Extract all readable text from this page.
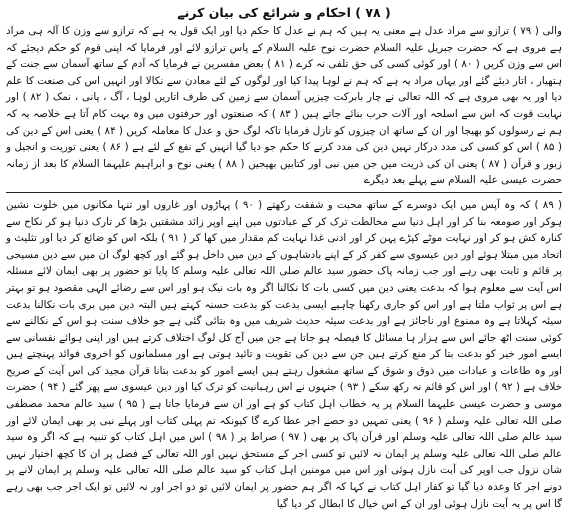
( ۷۸ ) احکام و شرائع کی بیان کرنے

والی ( ۷۹ ) ترازو سے مراد عدل ہے معنی یہ ہیں کہ ہم نے عدل کا حکم دیا اور ایک قول یہ ہے کہ ترازو سے وزن کا آلہ ہی مراد ہے مروی ہے کہ حضرت جبریل علیہ السلام حضرت نوح علیہ السلام کے پاس ترازو لائے اور فرمایا کہ اپنی قوم کو حکم دیجئے کہ اس سے وزن کریں ( ۸۰ ) اور کوئی کسی کی حق تلفی نہ کرے ( ۸۱ ) بعض مفسرین نے فرمایا کہ آدم کے ساتھ آسمان سے جنت کے ہتھیار ، اتار دیئے گئے اور یہاں مراد یہ ہے کہ ہم نے لوہا پیدا کیا اور لوگوں کے لئے معادن سے نکالا اور انہیں اس کی صنعت کا علم دیا اور یہ بھی مروی ہے کہ اللہ تعالی نے چار بابرکت چیزیں آسمان سے زمین کی طرف اتاریں لوہا ، آگ ، پانی ، نمک ( ۸۲ ) اور نہایت قوت کہ اس سے اسلحہ اور آلات حرب بنائے جاتے ہیں ( ۸۳ ) کہ صنعتوں اور حرفتوں میں وہ بہت کام آتا ہے خلاصہ یہ کہ ہم نے رسولوں کو بھیجا اور ان کے ساتھ ان چیزوں کو نازل فرمایا تاکہ لوگ حق و عدل کا معاملہ کریں ( ۸۴ ) یعنی اس کے دین کی ( ۸۵ ) اس کو کسی کی مدد درکار نہیں دین کی مدد کرنے کا حکم جو دیا گیا انہیں کے نفع کے لئے ہے ( ۸۶ ) یعنی توریت و انجیل و زبور و قرآن ( ۸۷ ) یعنی ان کی ذریت میں جن میں نبی اور کتابیں بھیجیں ( ۸۸ ) یعنی نوح و ابراہیم علیہما السلام کا بعد از زمانہ حضرت عیسی علیہ السلام سے پہلے بعد دیگرے

( ۸۹ ) کہ وہ آپس میں ایک دوسرے کے ساتھ محبت و شفقت رکھتے ( ۹۰ ) پہاڑوں اور غاروں اور تنہا مکانوں میں خلوت نشین ہوکر اور صومعہ بنا کر اور اہل دنیا سے مخالطت ترک کر کے عبادتوں میں اپنے اوپر زائد مشقتیں بڑھا کر تارک دنیا ہو کر نکاح سے کنارہ کش ہو کر اور نہایت موٹے کپڑے پہن کر اور ادنی غذا نہایت کم مقدار میں کھا کر ( ۹۱ ) بلکہ اس کو ضائع کر دیا اور تثلیث و اتحاد میں مبتلا ہوئے اور دین عیسوی سے کفر کر کے اپنے بادشاہوں کے دین میں داخل ہو گئے اور کچھ لوگ ان میں سے دین مسیحی پر قائم و ثابت بھی رہے اور جب زمانہ پاک حضور سید عالم صلی اللہ تعالی علیہ وسلم کا پایا تو حضور پر بھی ایمان لائے مسئلہ اس آیت سے معلوم ہوا کہ بدعت یعنی دین میں کسی بات کا نکالنا اگر وہ بات نیک ہو اور اس سے رضائے الہی مقصود ہو تو بہتر ہے اس پر ثواب ملتا ہے اور اس کو جاری رکھنا چاہیے ایسی بدعت کو بدعت حسنہ کہتے ہیں البتہ دین میں بری بات نکالنا بدعت سیئہ کہلاتا ہے وہ ممنوع اور ناجائز ہے اور بدعت سیئہ حدیث شریف میں وہ بتائی گئی ہے جو خلاف سنت ہو اس کے نکالنے سے کوئی سنت اٹھ جائے اس سے ہزار ہا مسائل کا فیصلہ ہو جاتا ہے جن میں آج کل لوگ اختلاف کرتے ہیں اور اپنی ہوائے نفسانی سے ایسے امور خیر کو بدعت بتا کر منع کرتے ہیں جن سے دین کی تقویت و تائید ہوتی ہے اور مسلمانوں کو اخروی فوائد پہنچتے ہیں اور وہ طاعات و عبادات میں ذوق و شوق کے ساتھ مشغول رہتے ہیں ایسے امور کو بدعت بتانا قرآن مجید کی اس آیت کے صریح خلاف ہے ( ۹۲ ) اور اس کو قائم نہ رکھ سکے ( ۹۳ ) جنہوں نے اس رہبانیت کو ترک کیا اور دین عیسوی سے پھر گئے ( ۹۴ ) حضرت موسی و حضرت عیسی علیہما السلام پر یہ خطاب اہل کتاب کو ہے اور ان سے فرمایا جاتا ہے ( ۹۵ ) سید عالم محمد مصطفی صلی اللہ تعالی علیہ وسلم ( ۹۶ ) یعنی تمہیں دو حصے اجر عطا کرے گا کیونکہ تم پہلی کتاب اور پہلے نبی پر بھی ایمان لائے اور سید عالم صلی اللہ تعالی علیہ وسلم اور قرآن پاک پر بھی ( ۹۷ ) صراط پر ( ۹۸ ) اس میں اہل کتاب کو تنبیہ ہے کہ اگر وہ سید عالم صلی اللہ تعالی علیہ وسلم پر ایمان نہ لائیں تو کسی اجر کے مستحق نہیں اور اللہ تعالی کے فضل پر ان کا کچھ اختیار نہیں شان نزول جب اوپر کی آیت نازل ہوئی اور اس میں مومنین اہل کتاب کو سید عالم صلی اللہ تعالی علیہ وسلم پر ایمان لانے پر دونے اجر کا وعدہ دیا گیا تو کفار اہل کتاب نے کہا کہ اگر ہم حضور پر ایمان لائیں تو دو اجر اور نہ لائیں تو ایک اجر جب بھی رہے گا اس پر یہ آیت نازل ہوئی اور ان کے اس خیال کا ابطال کر دیا گیا
